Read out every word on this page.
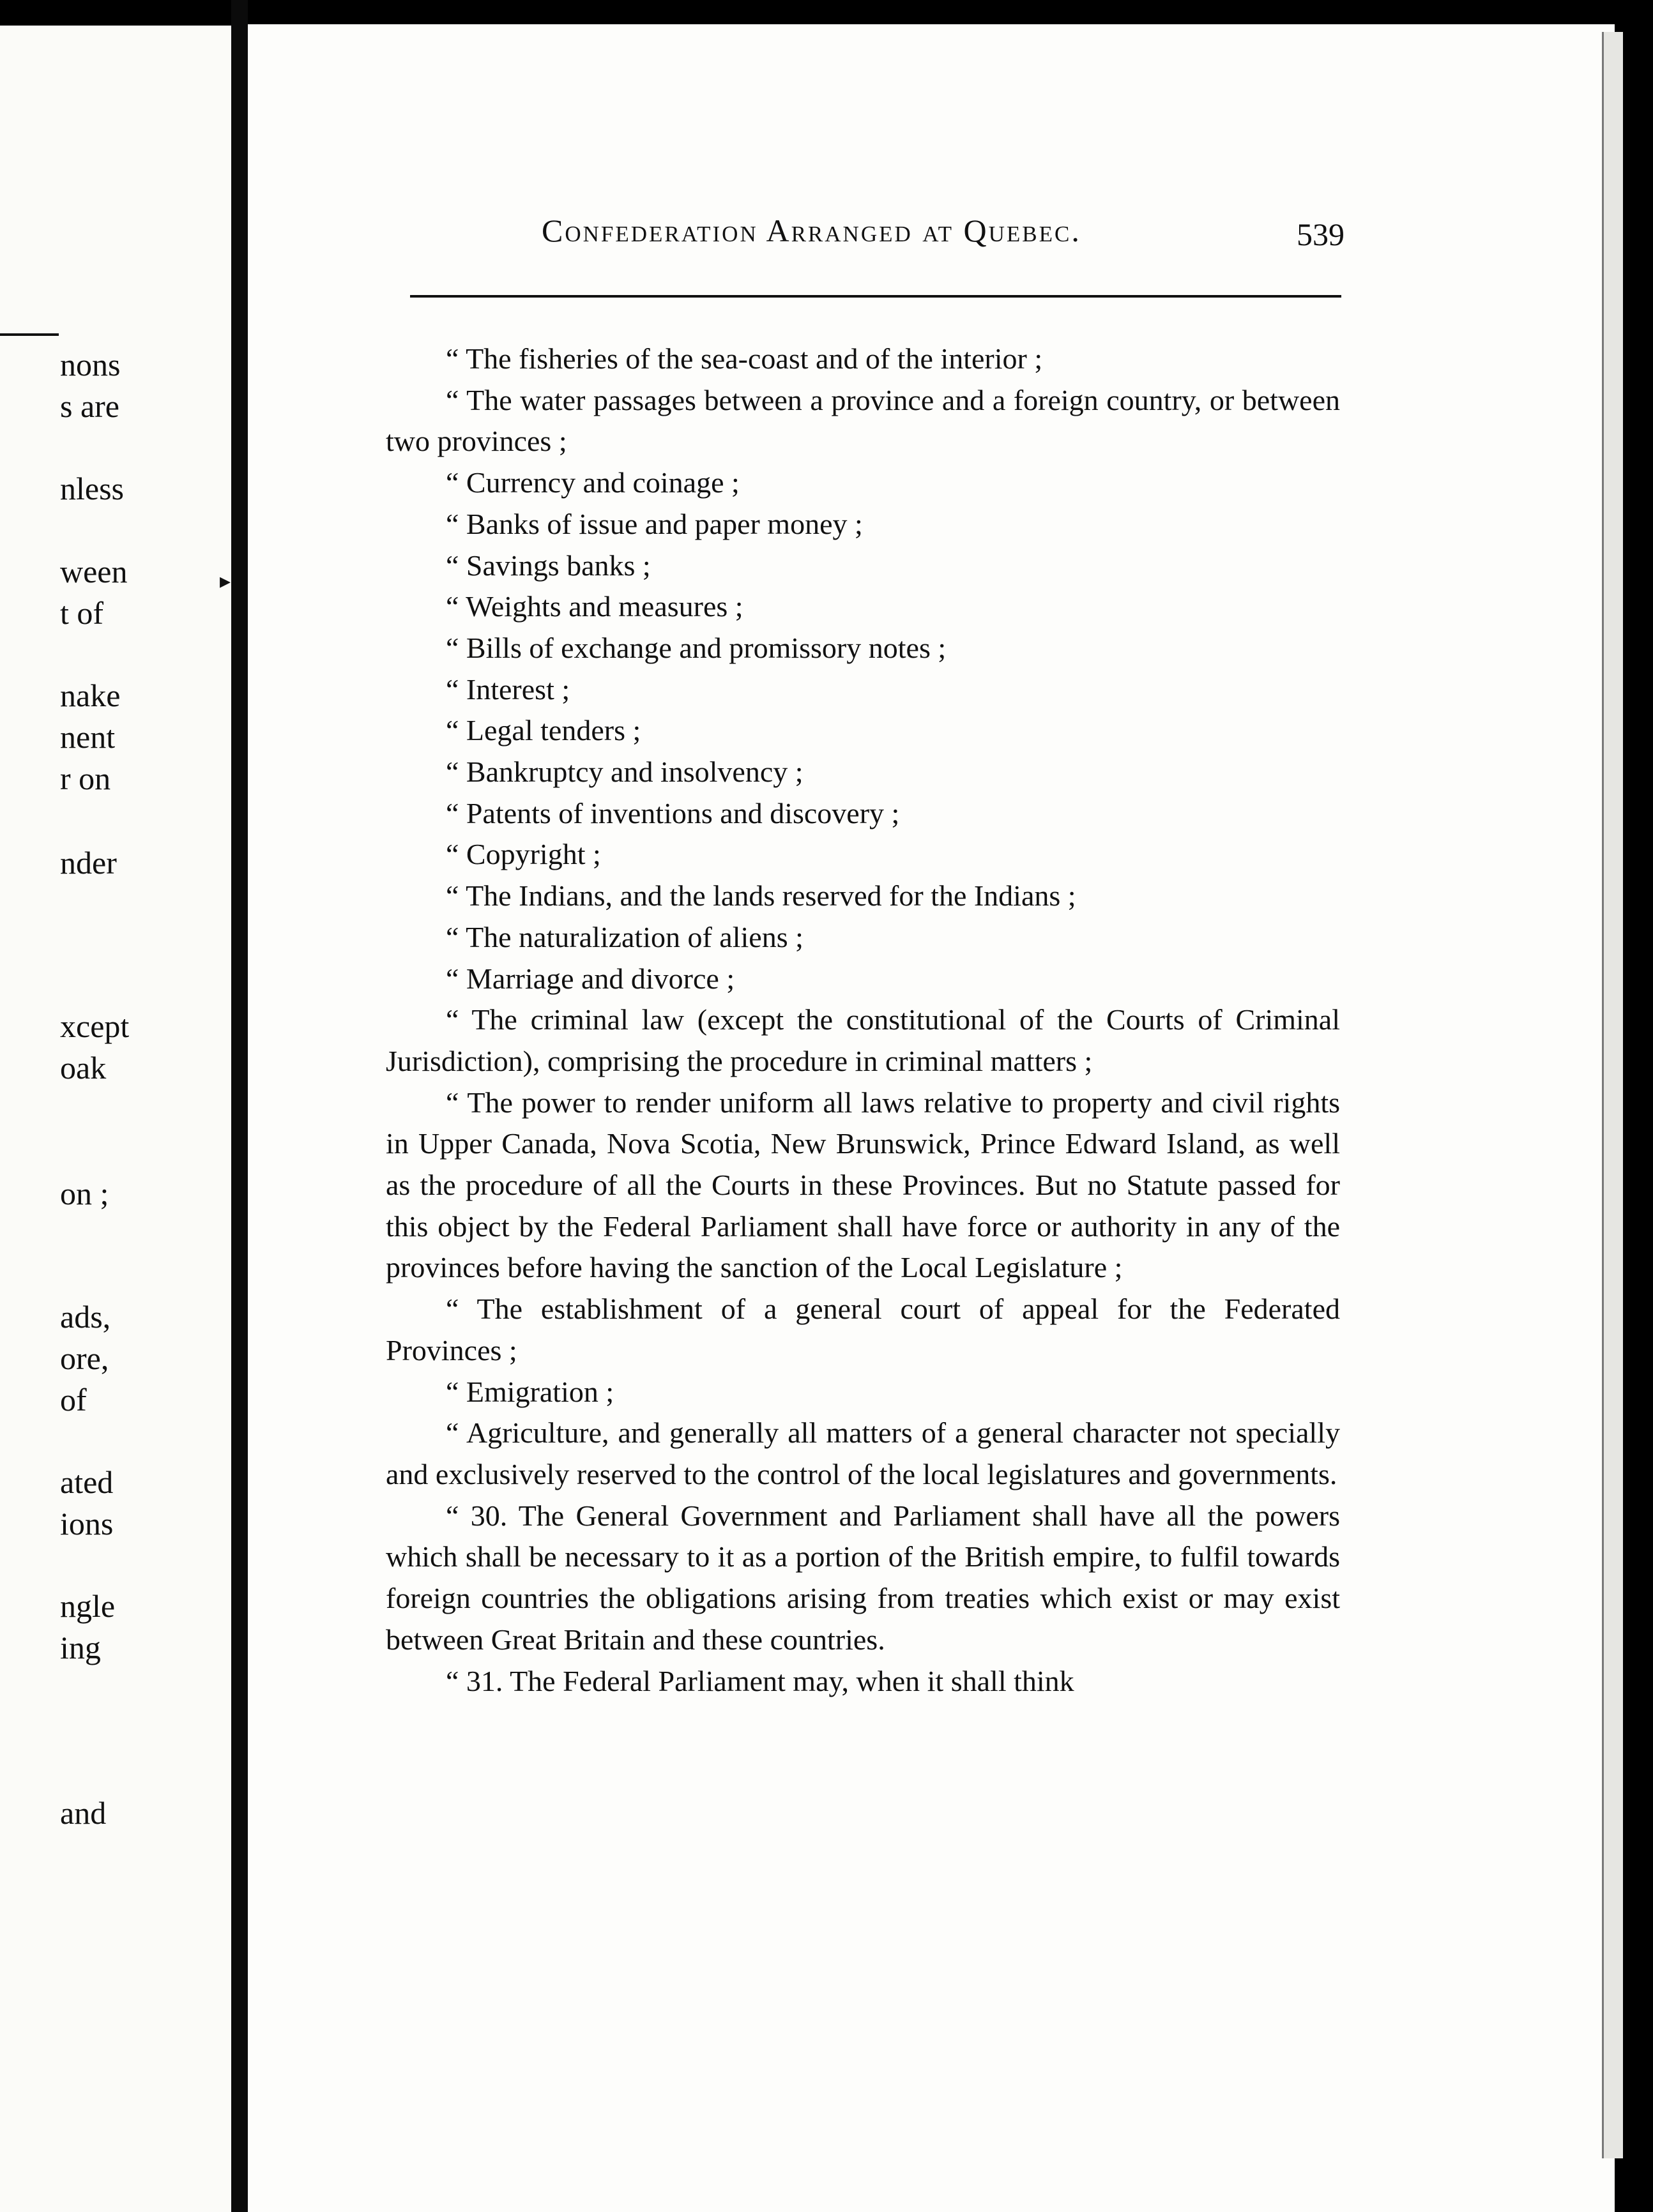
nons
s are
nless
ween
t of
nake
nent
r on
nder
xcept
oak
on ;
ads,
ore,
of
ated
ions
ngle
ing
and
▸
Confederation Arranged at Quebec.	539

“ The fisheries of the sea-coast and of the interior ;

“ The water passages between a province and a foreign country, or between two provinces ;

“ Currency and coinage ;

“ Banks of issue and paper money ;

“ Savings banks ;

“ Weights and measures ;

“ Bills of exchange and promissory notes ;

“ Interest ;

“ Legal tenders ;

“ Bankruptcy and insolvency ;

“ Patents of inventions and discovery ;

“ Copyright ;

“ The Indians, and the lands reserved for the Indians ;

“ The naturalization of aliens ;

“ Marriage and divorce ;

“ The criminal law (except the constitutional of the Courts of Criminal Jurisdiction), comprising the procedure in criminal matters ;

“ The power to render uniform all laws relative to property and civil rights in Upper Canada, Nova Scotia, New Brunswick, Prince Edward Island, as well as the procedure of all the Courts in these Provinces. But no Statute passed for this object by the Federal Parliament shall have force or authority in any of the provinces before having the sanction of the Local Legislature ;

“ The establishment of a general court of appeal for the Federated Provinces ;

“ Emigration ;

“ Agriculture, and generally all matters of a general character not specially and exclusively reserved to the control of the local legislatures and governments.

“ 30. The General Government and Parliament shall have all the powers which shall be necessary to it as a portion of the British empire, to fulfil towards foreign countries the obligations arising from treaties which exist or may exist between Great Britain and these countries.

“ 31. The Federal Parliament may, when it shall think
